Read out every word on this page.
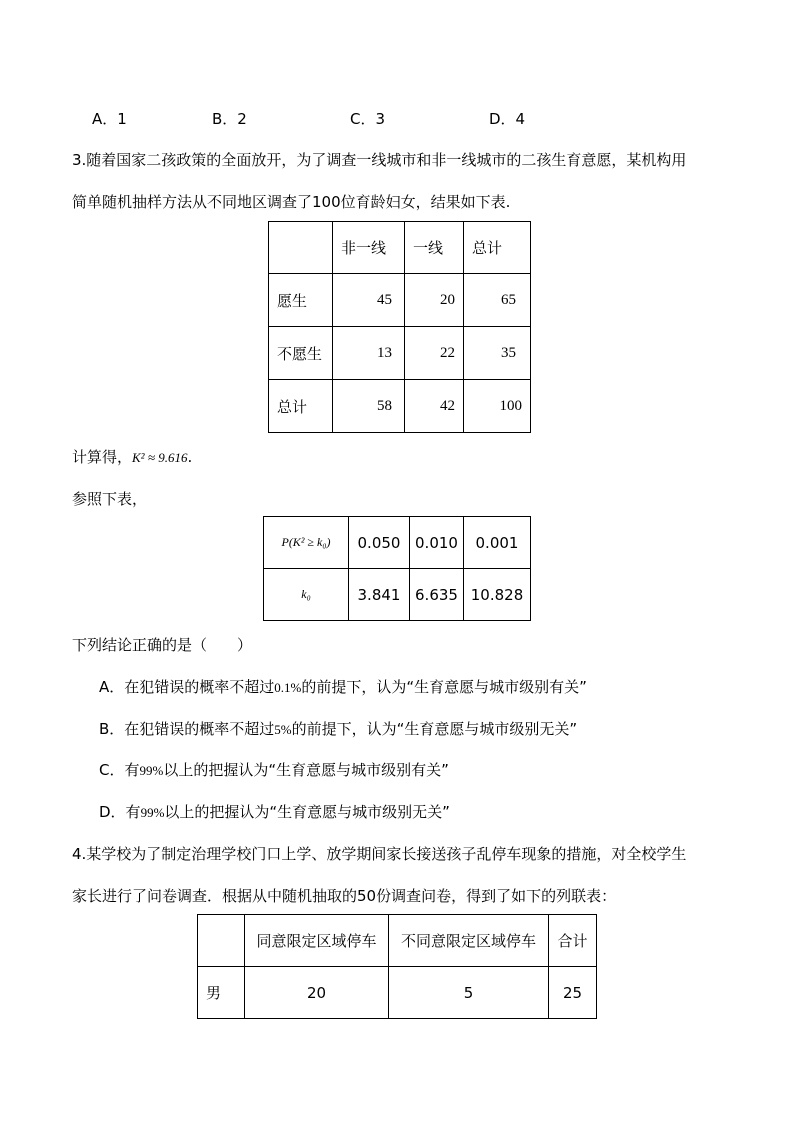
A．1	B．2	C．3	D．4
3.随着国家二孩政策的全面放开，为了调查一线城市和非一线城市的二孩生育意愿，某机构用
简单随机抽样方法从不同地区调查了100位育龄妇女，结果如下表.
	非一线	一线	总计
愿生	45	20	65
不愿生	13	22	35
总计	58	42	100
计算得，K² ≈ 9.616.
参照下表，
P(K² ≥ k₀)	0.050	0.010	0.001
k₀	3.841	6.635	10.828
下列结论正确的是（　　）
A．在犯错误的概率不超过0.1%的前提下，认为“生育意愿与城市级别有关”
B．在犯错误的概率不超过5%的前提下，认为“生育意愿与城市级别无关”
C．有99%以上的把握认为“生育意愿与城市级别有关”
D．有99%以上的把握认为“生育意愿与城市级别无关”
4.某学校为了制定治理学校门口上学、放学期间家长接送孩子乱停车现象的措施，对全校学生
家长进行了问卷调查．根据从中随机抽取的50份调查问卷，得到了如下的列联表：
	同意限定区域停车	不同意限定区域停车	合计
男	20	5	25
